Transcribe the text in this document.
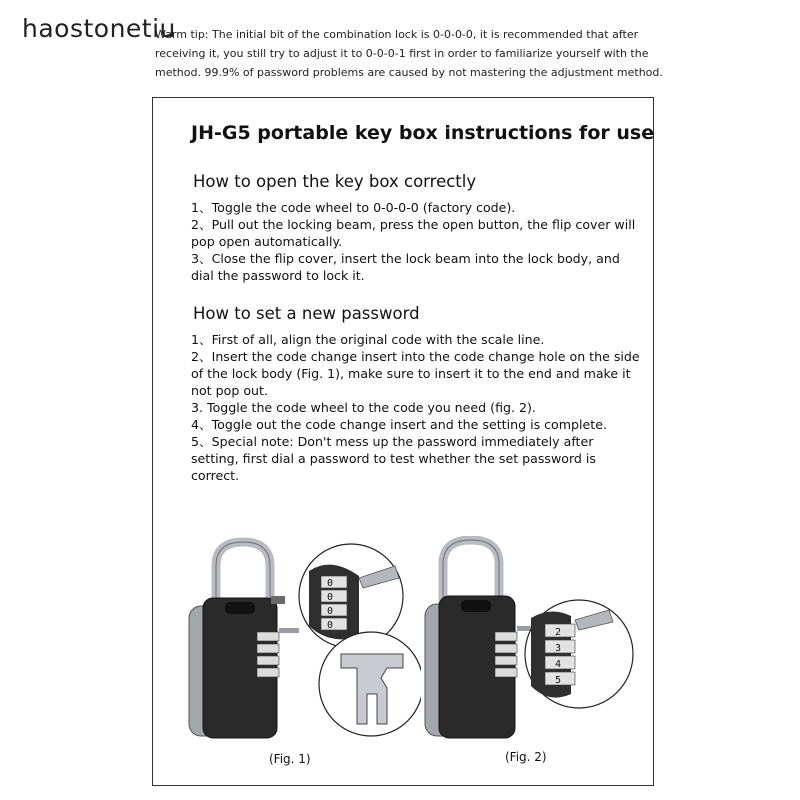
haostonetiu
Warm tip: The initial bit of the combination lock is 0-0-0-0, it is recommended that after receiving it, you still try to adjust it to 0-0-0-1 first in order to familiarize yourself with the method. 99.9% of password problems are caused by not mastering the adjustment method.
JH-G5 portable key box instructions for use
How to open the key box correctly

1、Toggle the code wheel to 0-0-0-0 (factory code).

2、Pull out the locking beam, press the open button, the flip cover will pop open automatically.

3、Close the flip cover, insert the lock beam into the lock body, and dial the password to lock it.

How to set a new password

1、First of all, align the original code with the scale line.

2、Insert the code change insert into the code change hole on the side of the lock body (Fig. 1), make sure to insert it to the end and make it not pop out.

3. Toggle the code wheel to the code you need (fig. 2).

4、Toggle out the code change insert and the setting is complete.

5、Special note: Don't mess up the password immediately after setting, first dial a password to test whether the set password is correct.

0
0
0
0
(Fig. 1)
2
3
4
5
(Fig. 2)
